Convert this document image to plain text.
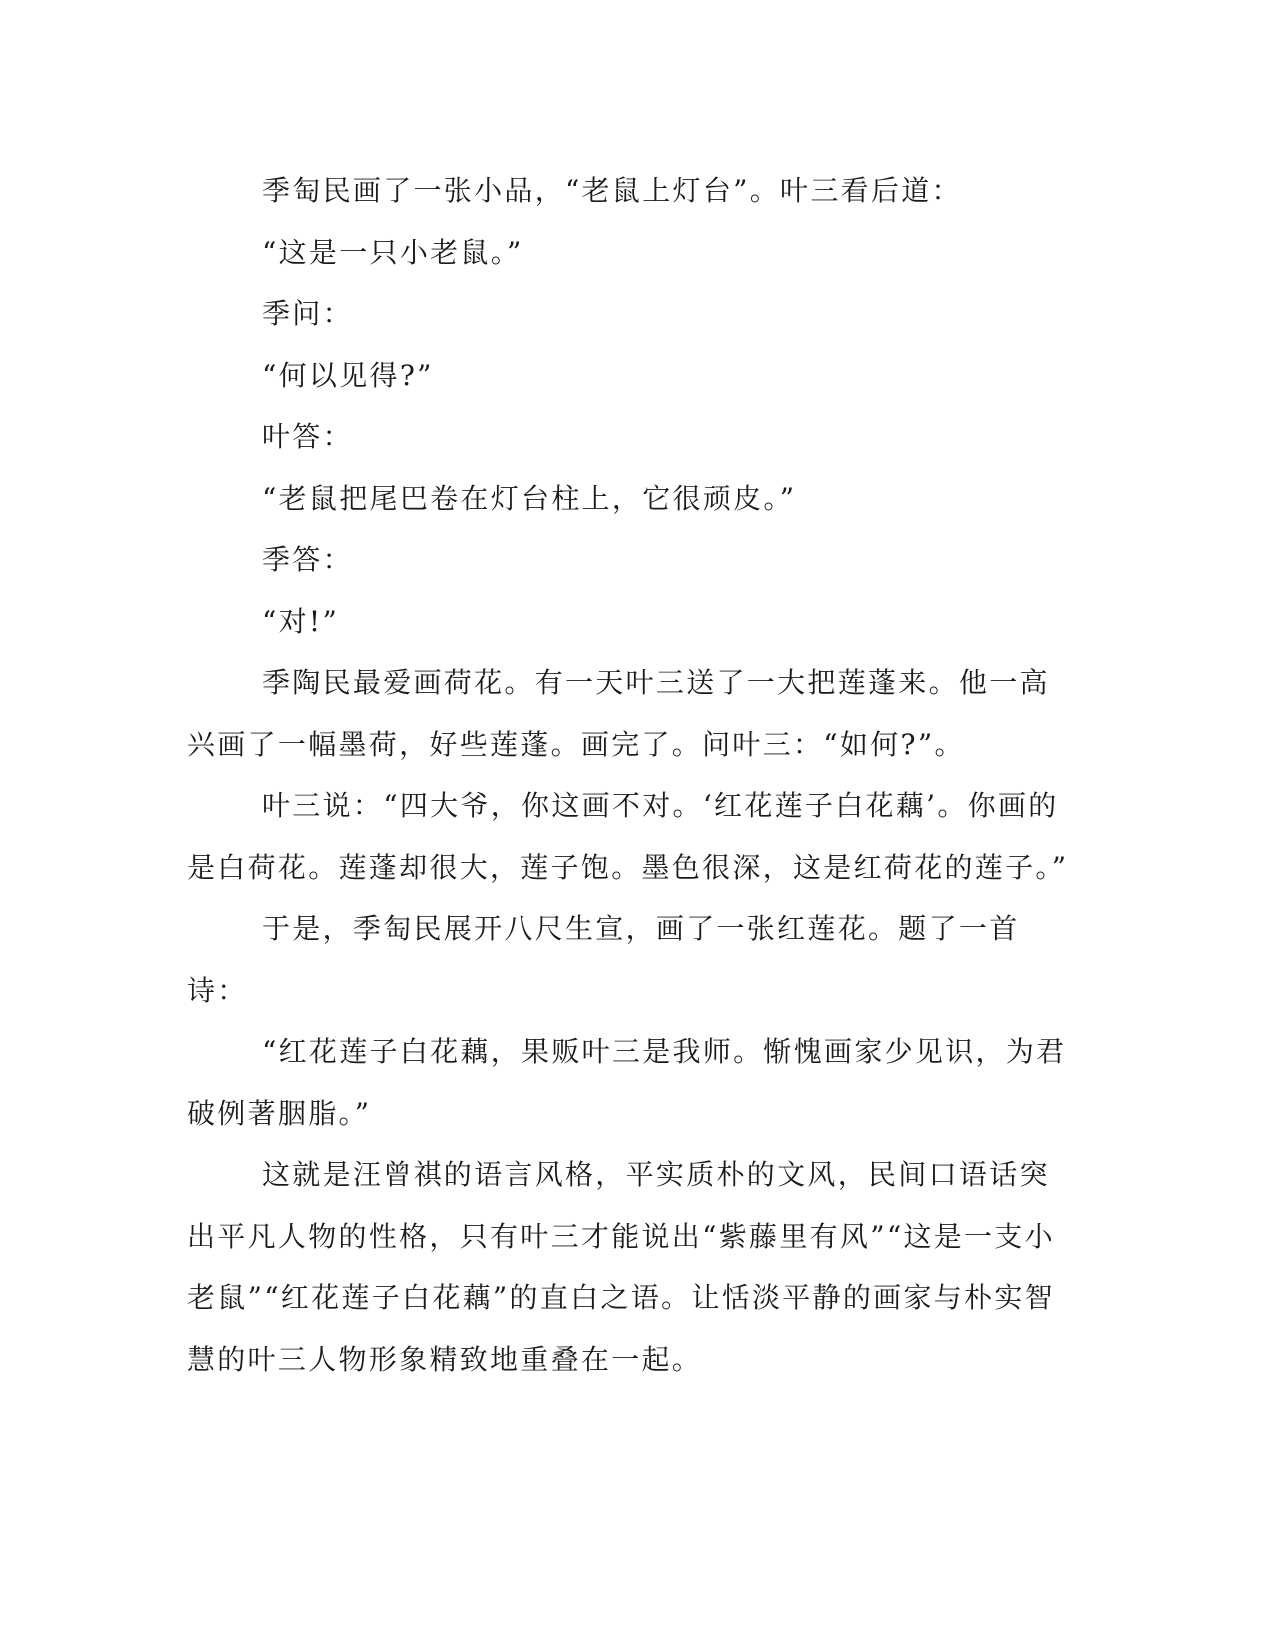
季匋民画了一张小品，“老鼠上灯台”。叶三看后道：

“这是一只小老鼠。”

季问：

“何以见得?”

叶答：

“老鼠把尾巴卷在灯台柱上，它很顽皮。”

季答：

“对!”

季陶民最爱画荷花。有一天叶三送了一大把莲蓬来。他一高兴画了一幅墨荷，好些莲蓬。画完了。问叶三：“如何?”。

叶三说：“四大爷，你这画不对。‘红花莲子白花藕’。你画的是白荷花。莲蓬却很大，莲子饱。墨色很深，这是红荷花的莲子。”

于是，季匋民展开八尺生宣，画了一张红莲花。题了一首诗：

“红花莲子白花藕，果贩叶三是我师。惭愧画家少见识，为君破例著胭脂。”

这就是汪曾祺的语言风格，平实质朴的文风，民间口语话突出平凡人物的性格，只有叶三才能说出“紫藤里有风”“这是一支小老鼠”“红花莲子白花藕”的直白之语。让恬淡平静的画家与朴实智慧的叶三人物形象精致地重叠在一起。
